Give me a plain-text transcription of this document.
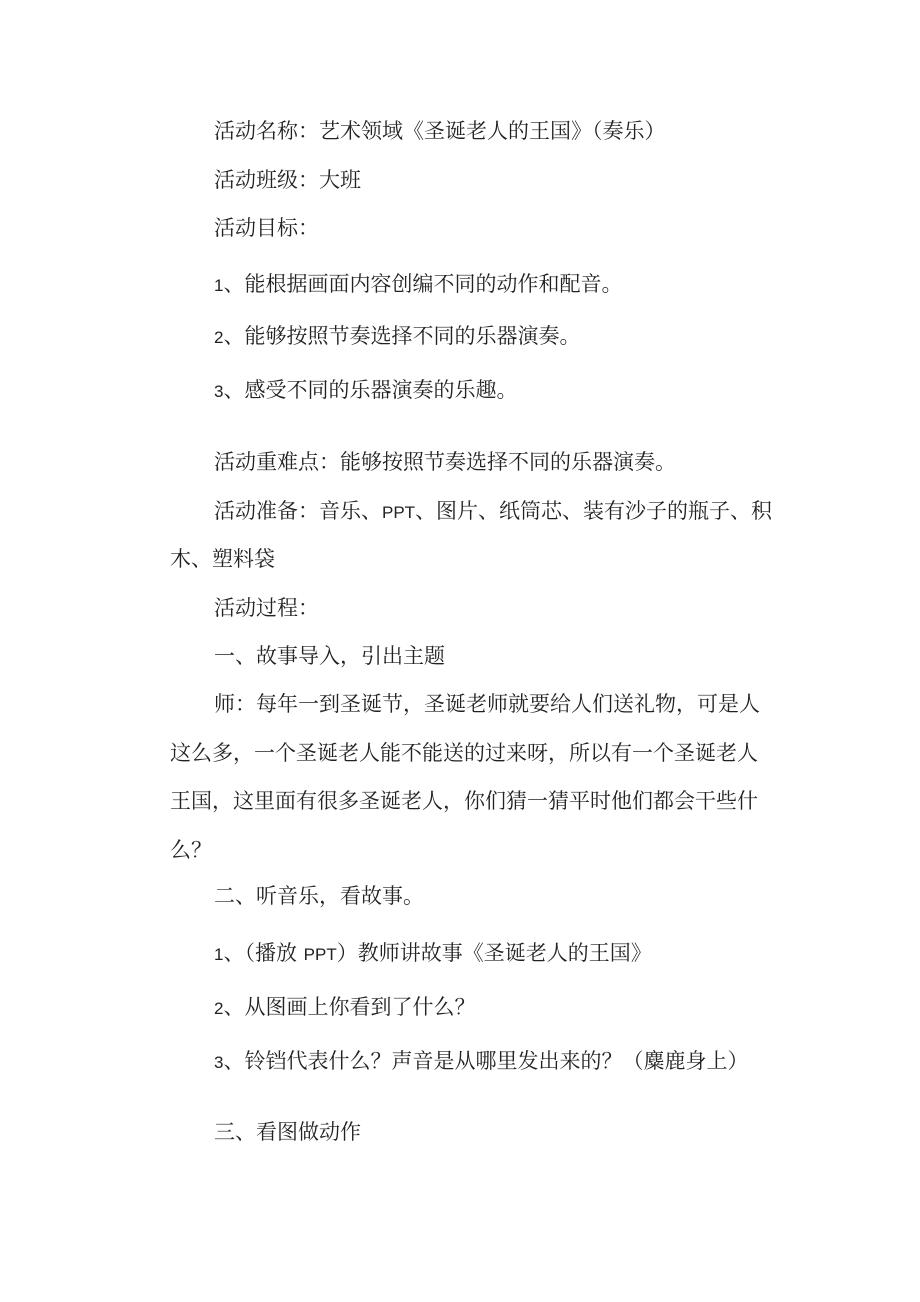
活动名称：艺术领域《圣诞老人的王国》（奏乐）
活动班级：大班
活动目标：
1、能根据画面内容创编不同的动作和配音。
2、能够按照节奏选择不同的乐器演奏。
3、感受不同的乐器演奏的乐趣。
活动重难点：能够按照节奏选择不同的乐器演奏。
活动准备：音乐、PPT、图片、纸筒芯、装有沙子的瓶子、积
木、塑料袋
活动过程：
一、故事导入，引出主题
师：每年一到圣诞节，圣诞老师就要给人们送礼物，可是人
这么多，一个圣诞老人能不能送的过来呀，所以有一个圣诞老人
王国，这里面有很多圣诞老人，你们猜一猜平时他们都会干些什
么？
二、听音乐，看故事。
1、（播放 PPT）教师讲故事《圣诞老人的王国》
2、从图画上你看到了什么？
3、铃铛代表什么？声音是从哪里发出来的？（麋鹿身上）
三、看图做动作
